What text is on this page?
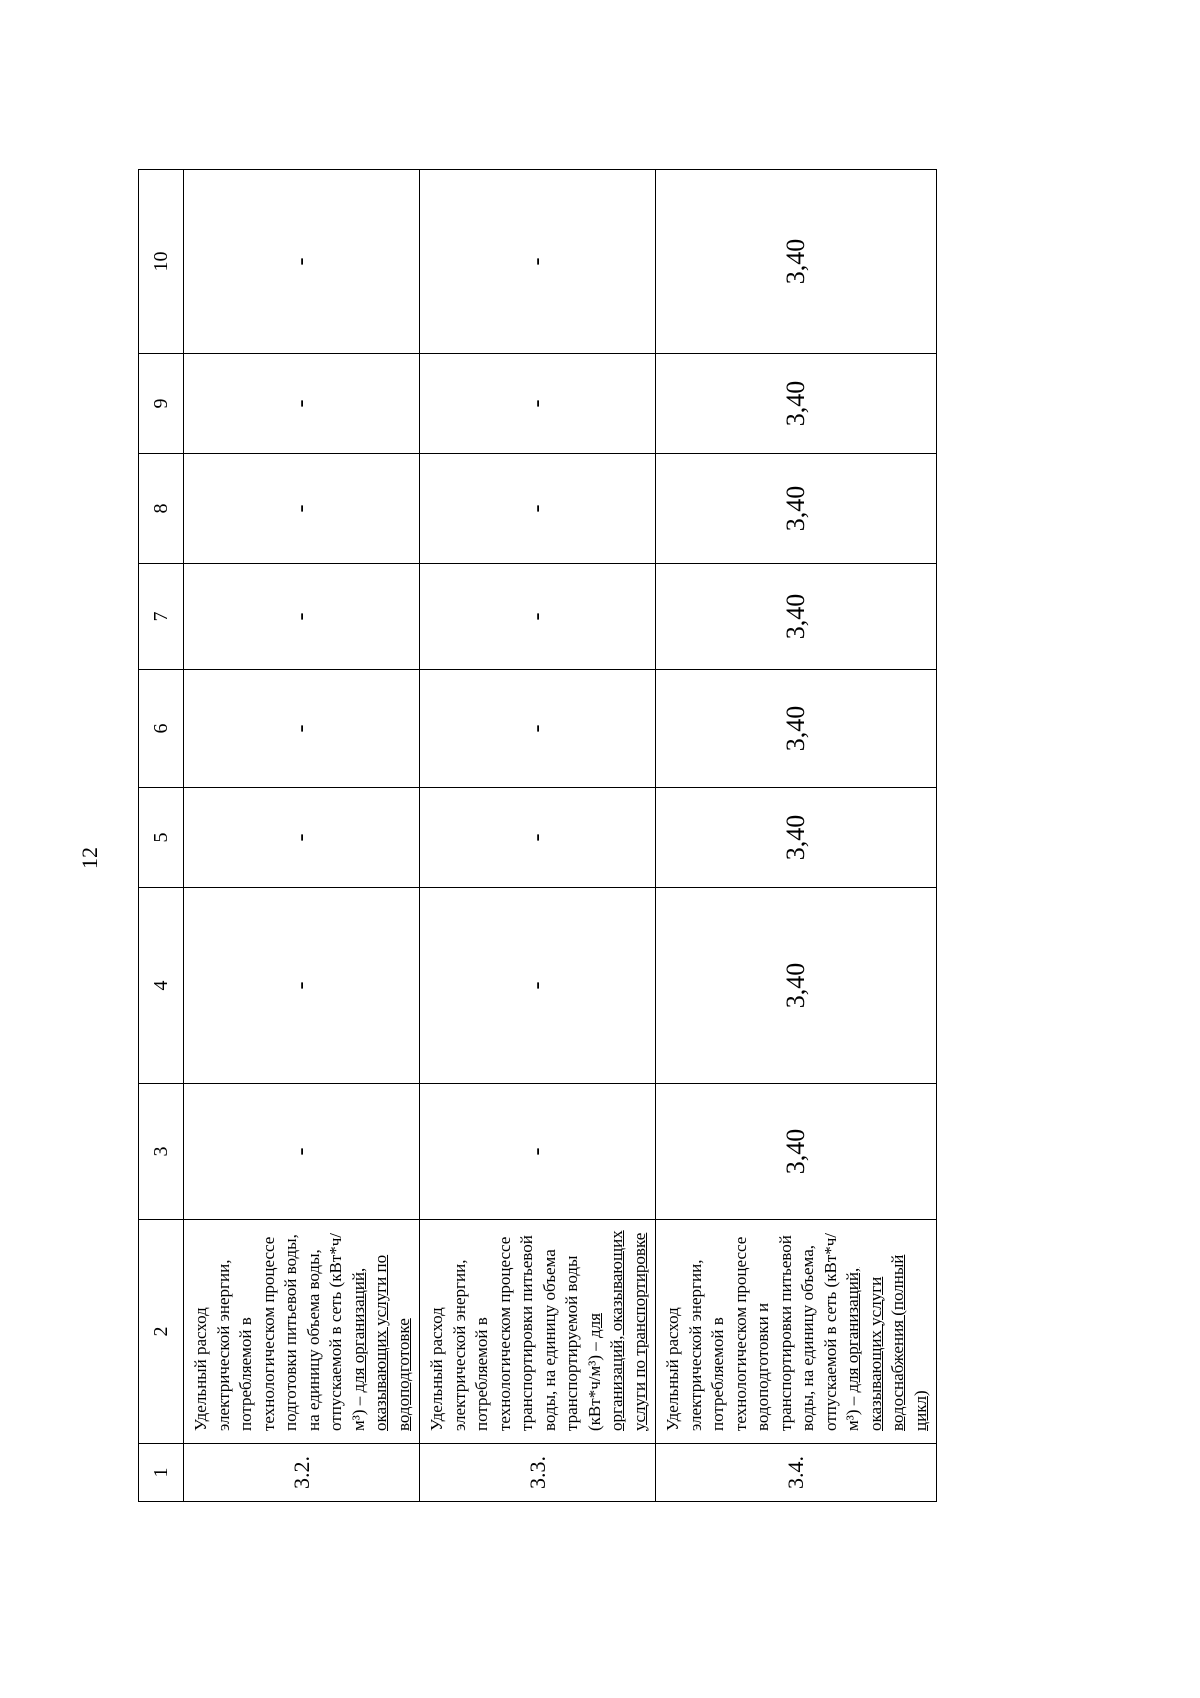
12
1	2	3	4	5	6	7	8	9	10
3.2.	Удельный расход электрической энергии, потребляемой в технологическом процессе подготовки питьевой воды, на единицу объема воды, отпускаемой в сеть (кВт*ч/м³) – для организаций, оказывающих услуги по водоподготовке	-	-	-	-	-	-	-	-
3.3.	Удельный расход электрической энергии, потребляемой в технологическом процессе транспортировки питьевой воды, на единицу объема транспортируемой воды (кВт*ч/м³) – для организаций, оказывающих услуги по транспортировке	-	-	-	-	-	-	-	-
3.4.	Удельный расход электрической энергии, потребляемой в технологическом процессе водоподготовки и транспортировки питьевой воды, на единицу объема, отпускаемой в сеть (кВт*ч/м³) – для организаций, оказывающих услуги водоснабжения (полный цикл)	3,40	3,40	3,40	3,40	3,40	3,40	3,40	3,40
